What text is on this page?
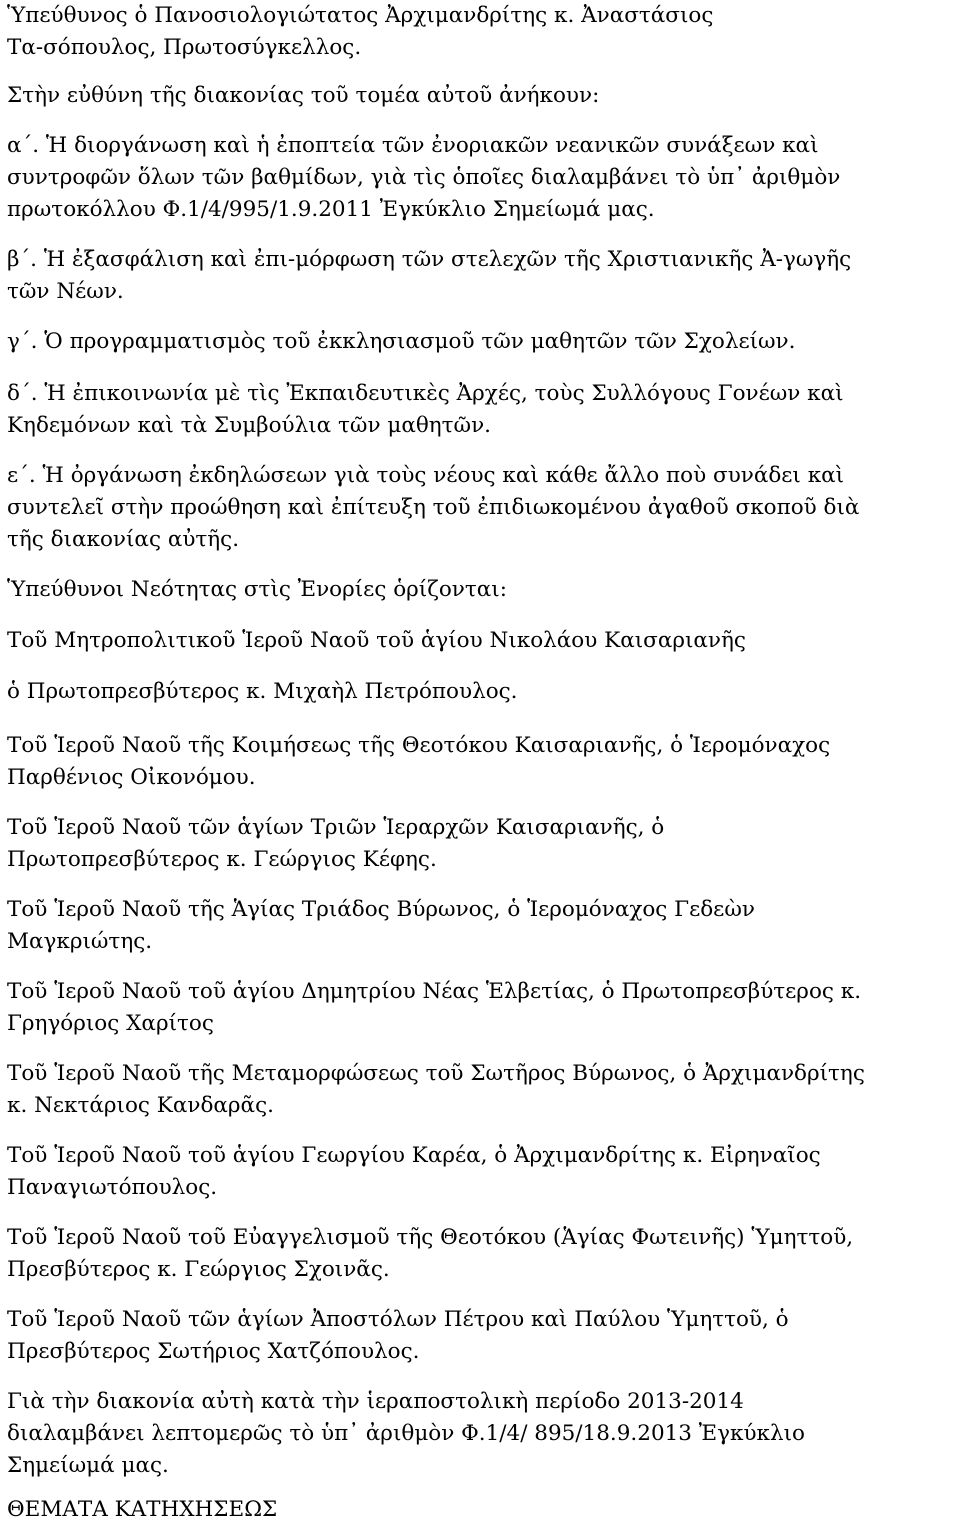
Ὑπεύθυνος ὁ Πανοσιολογιώτατος Ἀρχιμανδρίτης κ. Ἀναστάσιος
Τα-σόπουλος, Πρωτοσύγκελλος.

Στὴν εὐθύνη τῆς διακονίας τοῦ τομέα αὐτοῦ ἀνήκουν:

α΄. Ἡ διοργάνωση καὶ ἡ ἐποπτεία τῶν ἐνοριακῶν νεανικῶν συνάξεων καὶ
συντροφῶν ὅλων τῶν βαθμίδων, γιὰ τὶς ὁποῖες διαλαμβάνει τὸ ὑπ᾿ ἀριθμὸν
πρωτοκόλλου Φ.1/4/995/1.9.2011 Ἐγκύκλιο Σημείωμά μας.

β΄. Ἡ ἐξασφάλιση καὶ ἐπι-μόρφωση τῶν στελεχῶν τῆς Χριστιανικῆς Ἀ-γωγῆς
τῶν Νέων.

γ΄. Ὁ προγραμματισμὸς τοῦ ἐκκλησιασμοῦ τῶν μαθητῶν τῶν Σχολείων.

δ΄. Ἡ ἐπικοινωνία μὲ τὶς Ἐκπαιδευτικὲς Ἀρχές, τοὺς Συλλόγους Γονέων καὶ
Κηδεμόνων καὶ τὰ Συμβούλια τῶν μαθητῶν.

ε΄. Ἡ ὀργάνωση ἐκδηλώσεων γιὰ τοὺς νέους καὶ κάθε ἄλλο ποὺ συνάδει καὶ
συντελεῖ στὴν προώθηση καὶ ἐπίτευξη τοῦ ἐπιδιωκομένου ἀγαθοῦ σκοποῦ διὰ
τῆς διακονίας αὐτῆς.

Ὑπεύθυνοι Νεότητας στὶς Ἐνορίες ὁρίζονται:

Τοῦ Μητροπολιτικοῦ Ἱεροῦ Ναοῦ τοῦ ἁγίου Νικολάου Καισαριανῆς

ὁ Πρωτοπρεσβύτερος κ. Μιχαὴλ Πετρόπουλος.

Τοῦ Ἱεροῦ Ναοῦ τῆς Κοιμήσεως τῆς Θεοτόκου Καισαριανῆς, ὁ Ἱερομόναχος
Παρθένιος Οἰκονόμου.

Τοῦ Ἱεροῦ Ναοῦ τῶν ἁγίων Τριῶν Ἱεραρχῶν Καισαριανῆς, ὁ
Πρωτοπρεσβύτερος κ. Γεώργιος Κέφης.

Τοῦ Ἱεροῦ Ναοῦ τῆς Ἁγίας Τριάδος Βύρωνος, ὁ Ἱερομόναχος Γεδεὼν
Μαγκριώτης.

Τοῦ Ἱεροῦ Ναοῦ τοῦ ἁγίου Δημητρίου Νέας Ἑλβετίας, ὁ Πρωτοπρεσβύτερος κ.
Γρηγόριος Χαρίτος

Τοῦ Ἱεροῦ Ναοῦ τῆς Μεταμορφώσεως τοῦ Σωτῆρος Βύρωνος, ὁ Ἀρχιμανδρίτης
κ. Νεκτάριος Κανδαρᾶς.

Τοῦ Ἱεροῦ Ναοῦ τοῦ ἁγίου Γεωργίου Καρέα, ὁ Ἀρχιμανδρίτης κ. Εἰρηναῖος
Παναγιωτόπουλος.

Τοῦ Ἱεροῦ Ναοῦ τοῦ Εὐαγγελισμοῦ τῆς Θεοτόκου (Ἁγίας Φωτεινῆς) Ὑμηττοῦ,
Πρεσβύτερος κ. Γεώργιος Σχοινᾶς.

Τοῦ Ἱεροῦ Ναοῦ τῶν ἁγίων Ἀποστόλων Πέτρου καὶ Παύλου Ὑμηττοῦ, ὁ
Πρεσβύτερος Σωτήριος Χατζόπουλος.

Γιὰ τὴν διακονία αὐτὴ κατὰ τὴν ἱεραποστολικὴ περίοδο 2013-2014
διαλαμβάνει λεπτομερῶς τὸ ὑπ᾿ ἀριθμὸν Φ.1/4/ 895/18.9.2013 Ἐγκύκλιο
Σημείωμά μας.

ΘΕΜΑΤΑ ΚΑΤΗΧΗΣΕΩΣ
